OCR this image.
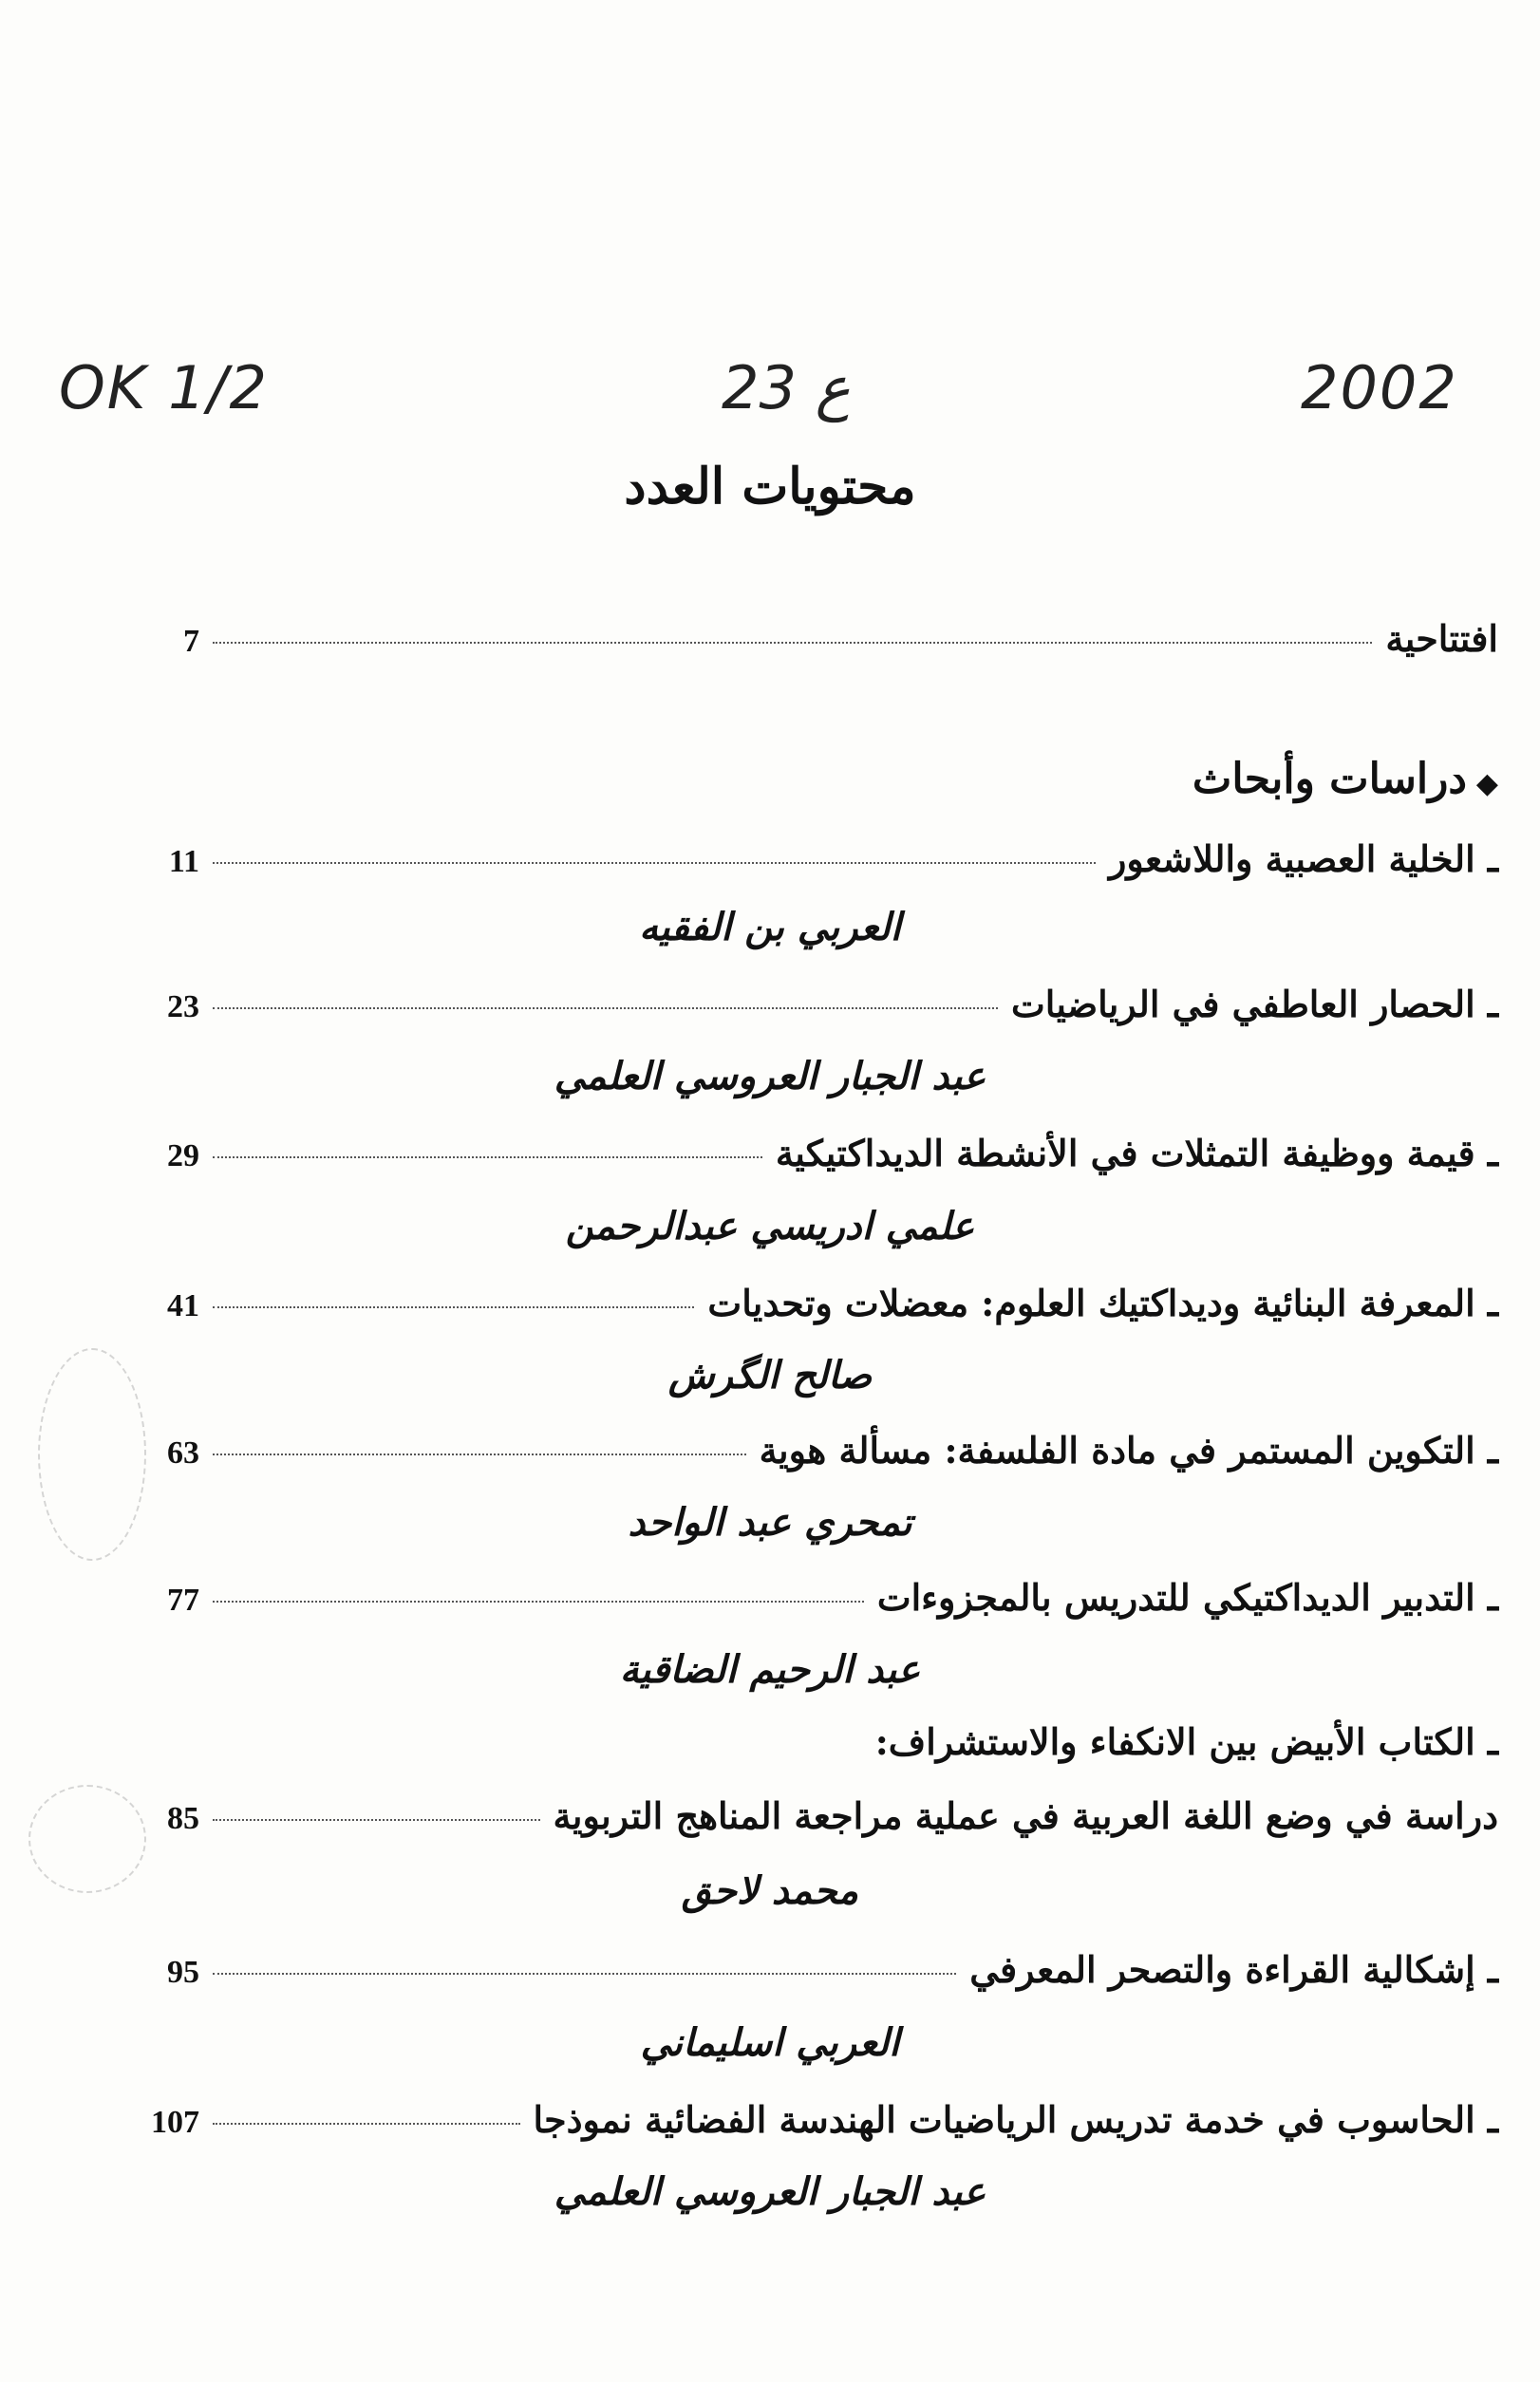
OK 1/2	23 ع	2002
محتويات العدد
افتتاحية
7
◆دراسات وأبحاث
ـ الخلية العصبية واللاشعور
11
العربي بن الفقيه
ـ الحصار العاطفي في الرياضيات
23
عبد الجبار العروسي العلمي
ـ قيمة ووظيفة التمثلات في الأنشطة الديداكتيكية
29
علمي ادريسي عبدالرحمن
ـ المعرفة البنائية وديداكتيك العلوم: معضلات وتحديات
41
صالح الگرش
ـ التكوين المستمر في مادة الفلسفة: مسألة هوية
63
تمحري عبد الواحد
ـ التدبير الديداكتيكي للتدريس بالمجزوءات
77
عبد الرحيم الضاقية
ـ الكتاب الأبيض بين الانكفاء والاستشراف:
دراسة في وضع اللغة العربية في عملية مراجعة المناهج التربوية
85
محمد لاحق
ـ إشكالية القراءة والتصحر المعرفي
95
العربي اسليماني
ـ الحاسوب في خدمة تدريس الرياضيات الهندسة الفضائية نموذجا
107
عبد الجبار العروسي العلمي
